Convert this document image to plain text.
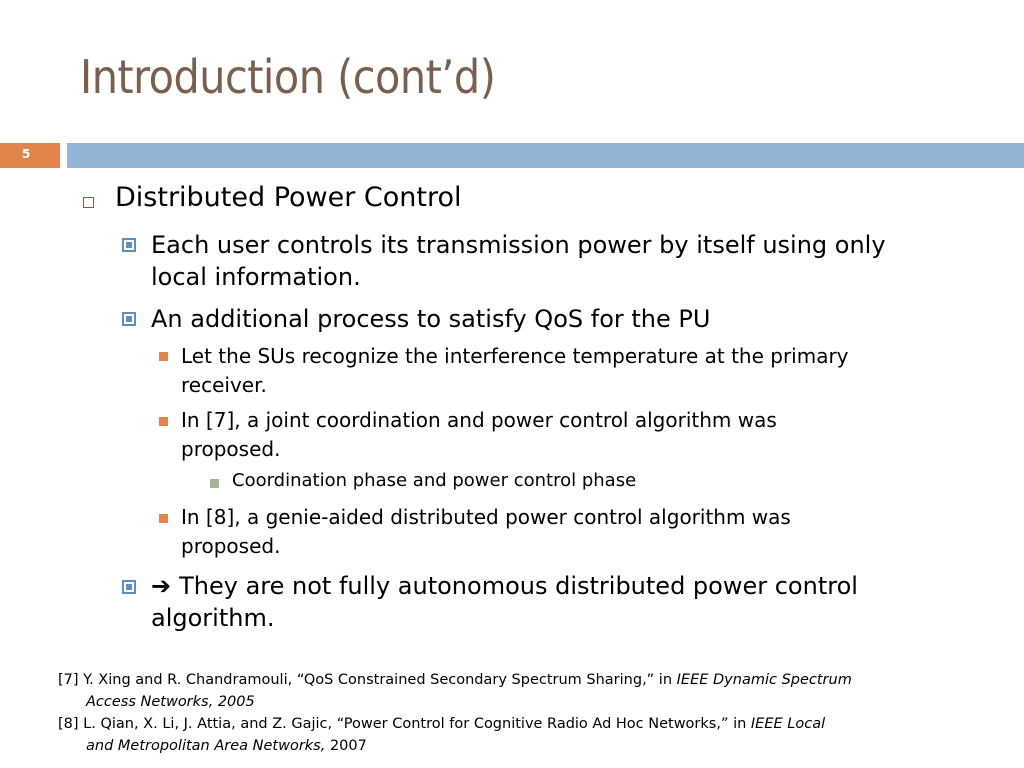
Introduction (cont’d)
5
Distributed Power Control
Each user controls its transmission power by itself using only
local information.
An additional process to satisfy QoS for the PU
Let the SUs recognize the interference temperature at the primary
receiver.
In [7], a joint coordination and power control algorithm was
proposed.
Coordination phase and power control phase
In [8], a genie-aided distributed power control algorithm was
proposed.
➔ They are not fully autonomous distributed power control
algorithm.
[7] Y. Xing and R. Chandramouli, “QoS Constrained Secondary Spectrum Sharing,” in IEEE Dynamic Spectrum
Access Networks, 2005
[8] L. Qian, X. Li, J. Attia, and Z. Gajic, “Power Control for Cognitive Radio Ad Hoc Networks,” in IEEE Local
and Metropolitan Area Networks, 2007
